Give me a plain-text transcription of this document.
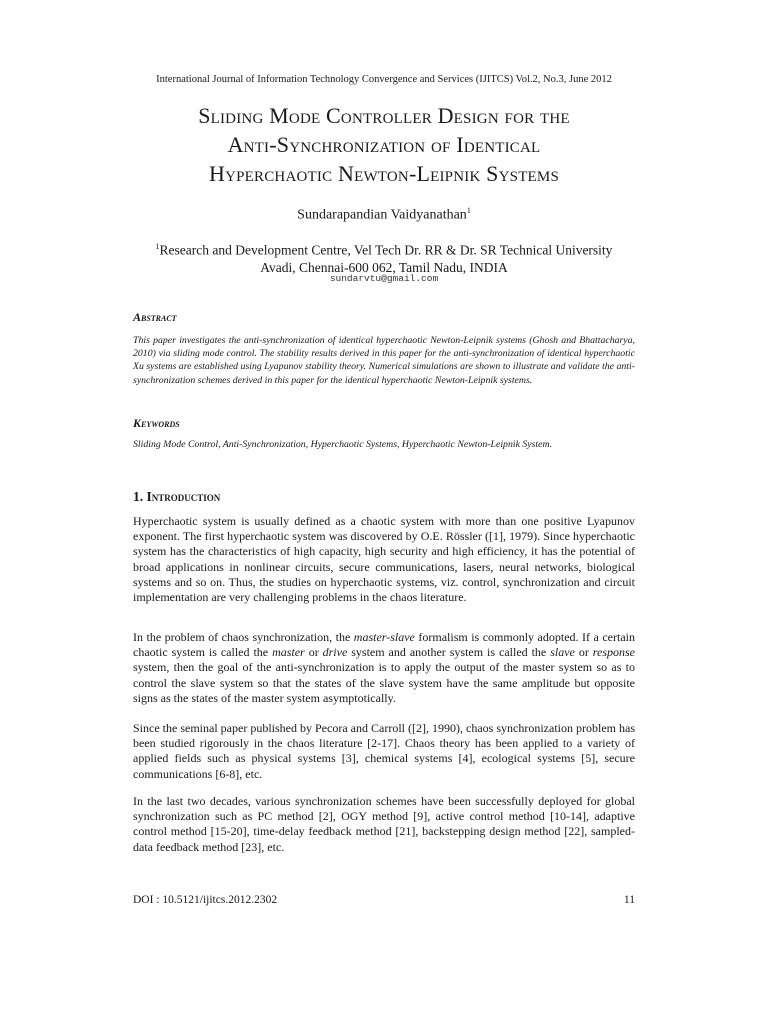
International Journal of Information Technology Convergence and Services (IJITCS) Vol.2, No.3, June 2012
Sliding Mode Controller Design for the
Anti-Synchronization of Identical
Hyperchaotic Newton-Leipnik Systems
Sundarapandian Vaidyanathan$^1$
$^1$Research and Development Centre, Vel Tech Dr. RR & Dr. SR Technical University
Avadi, Chennai-600 062, Tamil Nadu, INDIA
sundarvtu@gmail.com
Abstract
This paper investigates the anti-synchronization of identical hyperchaotic Newton-Leipnik systems (Ghosh and Bhattacharya, 2010) via sliding mode control. The stability results derived in this paper for the anti-synchronization of identical hyperchaotic Xu systems are established using Lyapunov stability theory. Numerical simulations are shown to illustrate and validate the anti-synchronization schemes derived in this paper for the identical hyperchaotic Newton-Leipnik systems.
Keywords
Sliding Mode Control, Anti-Synchronization, Hyperchaotic Systems, Hyperchaotic Newton-Leipnik System.
1. Introduction
Hyperchaotic system is usually defined as a chaotic system with more than one positive Lyapunov exponent. The first hyperchaotic system was discovered by O.E. Rössler ([1], 1979). Since hyperchaotic system has the characteristics of high capacity, high security and high efficiency, it has the potential of broad applications in nonlinear circuits, secure communications, lasers, neural networks, biological systems and so on. Thus, the studies on hyperchaotic systems, viz. control, synchronization and circuit implementation are very challenging problems in the chaos literature.
In the problem of chaos synchronization, the master-slave formalism is commonly adopted. If a certain chaotic system is called the master or drive system and another system is called the slave or response system, then the goal of the anti-synchronization is to apply the output of the master system so as to control the slave system so that the states of the slave system have the same amplitude but opposite signs as the states of the master system asymptotically.
Since the seminal paper published by Pecora and Carroll ([2], 1990), chaos synchronization problem has been studied rigorously in the chaos literature [2-17]. Chaos theory has been applied to a variety of applied fields such as physical systems [3], chemical systems [4], ecological systems [5], secure communications [6-8], etc.
In the last two decades, various synchronization schemes have been successfully deployed for global synchronization such as PC method [2], OGY method [9], active control method [10-14], adaptive control method [15-20], time-delay feedback method [21], backstepping design method [22], sampled-data feedback method [23], etc.
DOI : 10.5121/ijitcs.2012.2302	11
